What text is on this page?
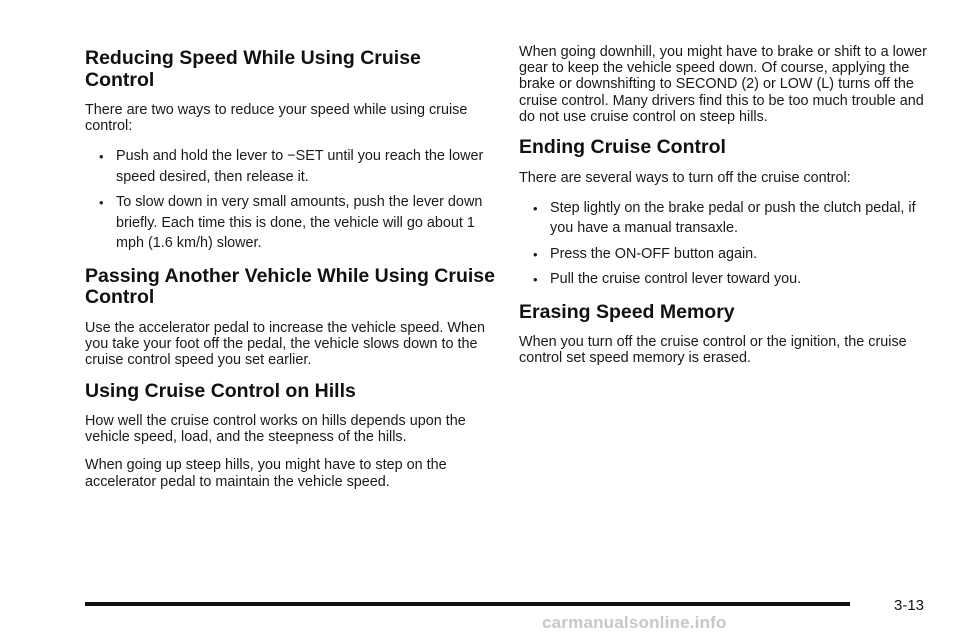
Reducing Speed While Using Cruise Control

There are two ways to reduce your speed while using cruise control:

• Push and hold the lever to −SET until you reach the lower speed desired, then release it.
• To slow down in very small amounts, push the lever down briefly. Each time this is done, the vehicle will go about 1 mph (1.6 km/h) slower.
Passing Another Vehicle While Using Cruise Control

Use the accelerator pedal to increase the vehicle speed. When you take your foot off the pedal, the vehicle slows down to the cruise control speed you set earlier.

Using Cruise Control on Hills

How well the cruise control works on hills depends upon the vehicle speed, load, and the steepness of the hills.

When going up steep hills, you might have to step on the accelerator pedal to maintain the vehicle speed.

When going downhill, you might have to brake or shift to a lower gear to keep the vehicle speed down. Of course, applying the brake or downshifting to SECOND (2) or LOW (L) turns off the cruise control. Many drivers find this to be too much trouble and do not use cruise control on steep hills.

Ending Cruise Control

There are several ways to turn off the cruise control:

• Step lightly on the brake pedal or push the clutch pedal, if you have a manual transaxle.
• Press the ON-OFF button again.
• Pull the cruise control lever toward you.
Erasing Speed Memory

When you turn off the cruise control or the ignition, the cruise control set speed memory is erased.

3-13
carmanualsonline.info
